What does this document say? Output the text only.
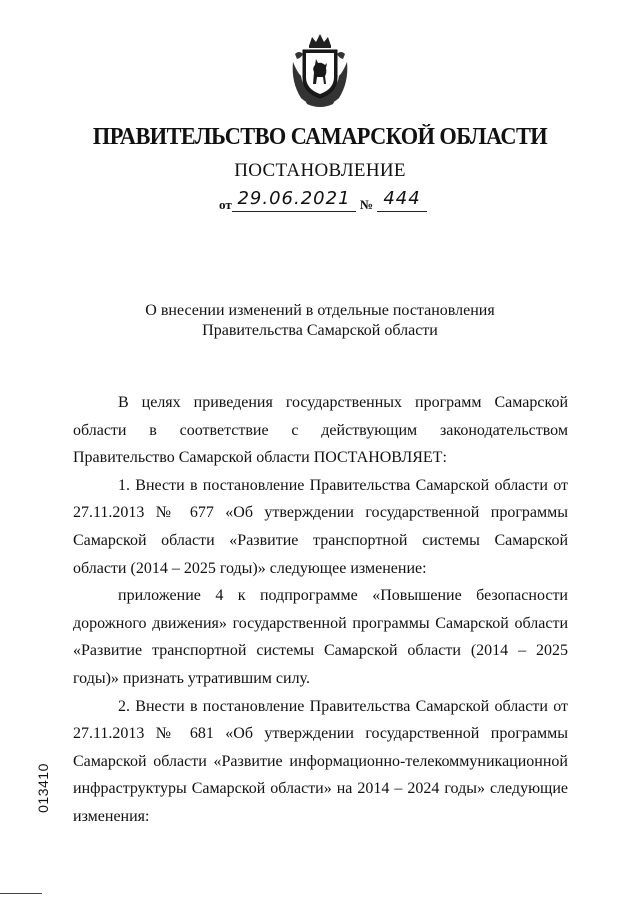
ПРАВИТЕЛЬСТВО САМАРСКОЙ ОБЛАСТИ
ПОСТАНОВЛЕНИЕ
от 29.06.2021 № 444
О внесении изменений в отдельные постановления
Правительства Самарской области

В целях приведения государственных программ Самарской области в соответствие с действующим законодательством Правительство Самарской области ПОСТАНОВЛЯЕТ:

1. Внести в постановление Правительства Самарской области от 27.11.2013 № 677 «Об утверждении государственной программы Самарской области «Развитие транспортной системы Самарской области (2014 – 2025 годы)» следующее изменение:

приложение 4 к подпрограмме «Повышение безопасности дорожного движения» государственной программы Самарской области «Развитие транспортной системы Самарской области (2014 – 2025 годы)» признать утратившим силу.

2. Внести в постановление Правительства Самарской области от 27.11.2013 № 681 «Об утверждении государственной программы Самарской области «Развитие информационно-телекоммуникационной инфраструктуры Самарской области» на 2014 – 2024 годы» следующие изменения:

013410
